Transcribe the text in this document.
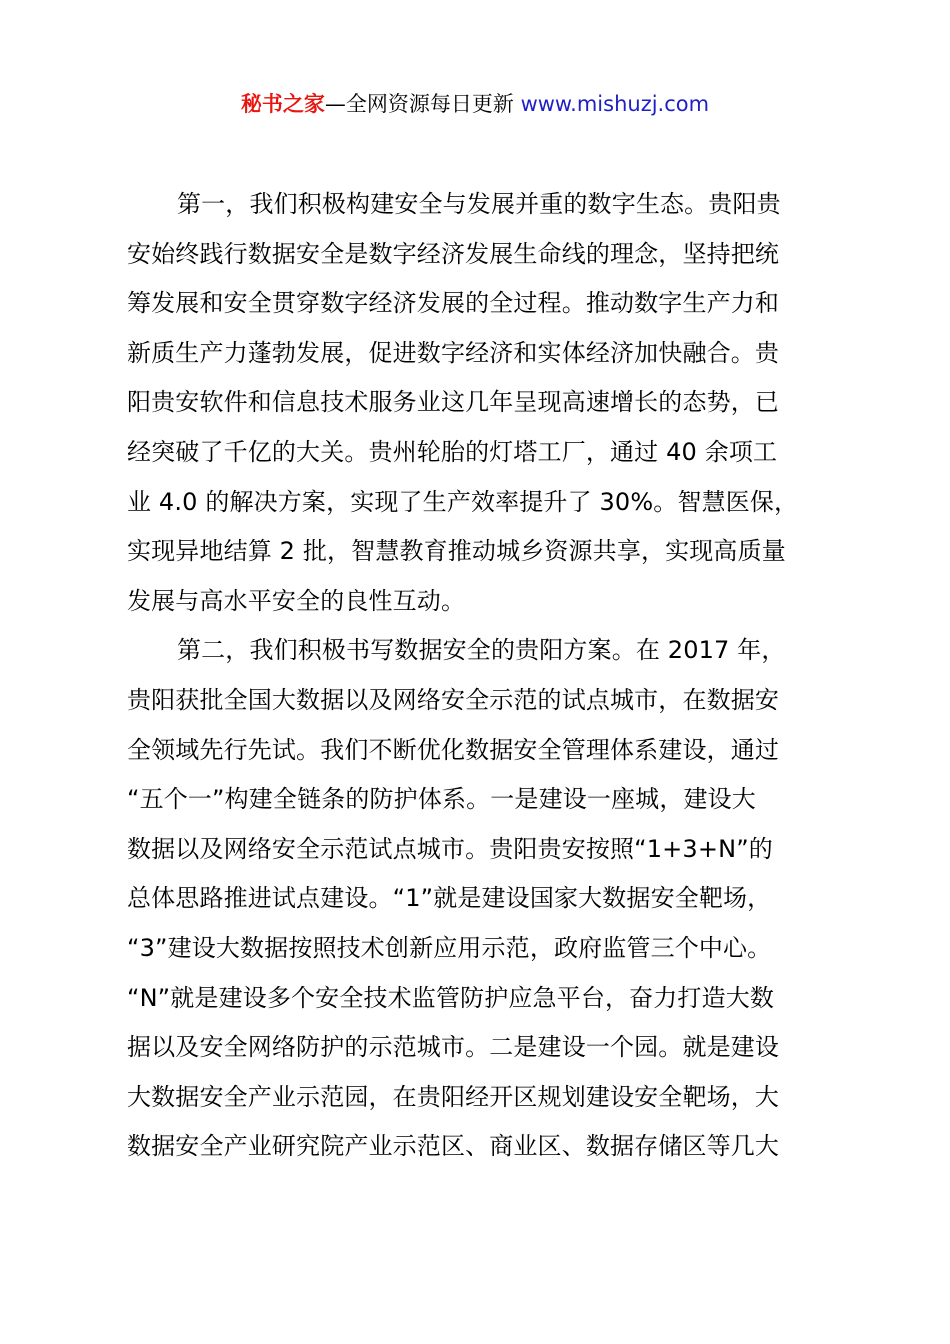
秘书之家—全网资源每日更新 www.mishuzj.com
第一，我们积极构建安全与发展并重的数字生态。贵阳贵
安始终践行数据安全是数字经济发展生命线的理念，坚持把统
筹发展和安全贯穿数字经济发展的全过程。推动数字生产力和
新质生产力蓬勃发展，促进数字经济和实体经济加快融合。贵
阳贵安软件和信息技术服务业这几年呈现高速增长的态势，已
经突破了千亿的大关。贵州轮胎的灯塔工厂，通过 40 余项工
业 4.0 的解决方案，实现了生产效率提升了 30%。智慧医保，
实现异地结算 2 批，智慧教育推动城乡资源共享，实现高质量
发展与高水平安全的良性互动。
第二，我们积极书写数据安全的贵阳方案。在 2017 年，
贵阳获批全国大数据以及网络安全示范的试点城市，在数据安
全领域先行先试。我们不断优化数据安全管理体系建设，通过
“五个一”构建全链条的防护体系。一是建设一座城，建设大
数据以及网络安全示范试点城市。贵阳贵安按照“1+3+N”的
总体思路推进试点建设。“1”就是建设国家大数据安全靶场，
“3”建设大数据按照技术创新应用示范，政府监管三个中心。
“N”就是建设多个安全技术监管防护应急平台，奋力打造大数
据以及安全网络防护的示范城市。二是建设一个园。就是建设
大数据安全产业示范园，在贵阳经开区规划建设安全靶场，大
数据安全产业研究院产业示范区、商业区、数据存储区等几大
